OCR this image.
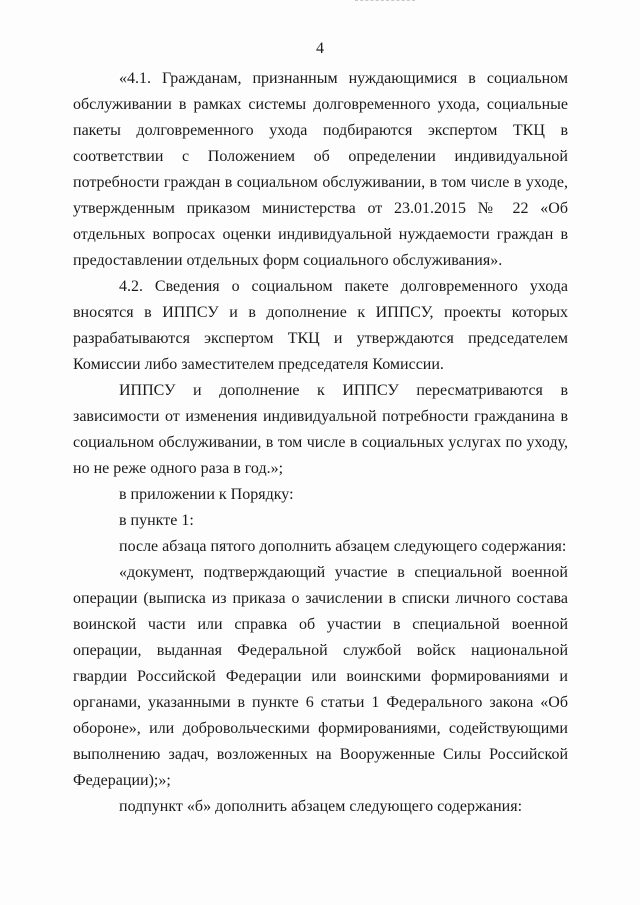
4

«4.1. Гражданам, признанным нуждающимися в социальном обслуживании в рамках системы долговременного ухода, социальные пакеты долговременного ухода подбираются экспертом ТКЦ в соответствии с Положением об определении индивидуальной потребности граждан в социальном обслуживании, в том числе в уходе, утвержденным приказом министерства от 23.01.2015 № 22 «Об отдельных вопросах оценки индивидуальной нуждаемости граждан в предоставлении отдельных форм социального обслуживания».

4.2. Сведения о социальном пакете долговременного ухода вносятся в ИППСУ и в дополнение к ИППСУ, проекты которых разрабатываются экспертом ТКЦ и утверждаются председателем Комиссии либо заместителем председателя Комиссии.

ИППСУ и дополнение к ИППСУ пересматриваются в зависимости от изменения индивидуальной потребности гражданина в социальном обслуживании, в том числе в социальных услугах по уходу, но не реже одного раза в год.»;

в приложении к Порядку:

в пункте 1:

после абзаца пятого дополнить абзацем следующего содержания:

«документ, подтверждающий участие в специальной военной операции (выписка из приказа о зачислении в списки личного состава воинской части или справка об участии в специальной военной операции, выданная Федеральной службой войск национальной гвардии Российской Федерации или воинскими формированиями и органами, указанными в пункте 6 статьи 1 Федерального закона «Об обороне», или добровольческими формированиями, содействующими выполнению задач, возложенных на Вооруженные Силы Российской Федерации);»;

подпункт «б» дополнить абзацем следующего содержания:
